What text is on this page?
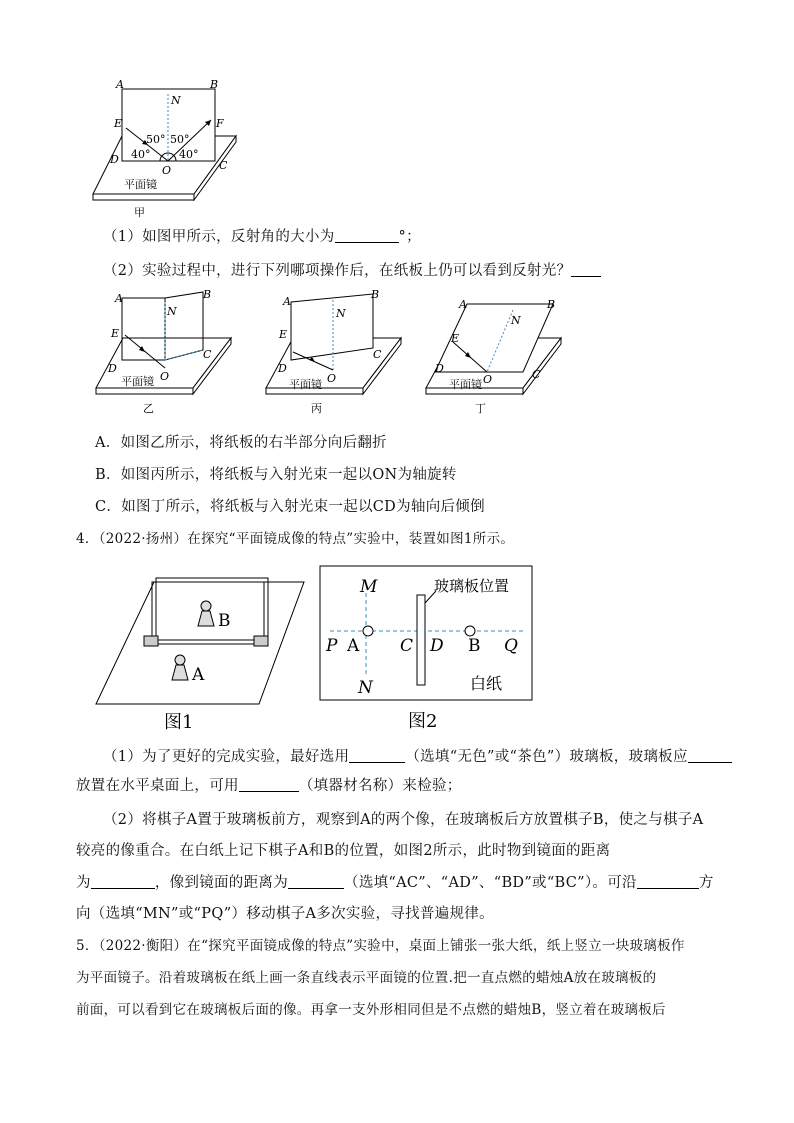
A	B
N
E	F
D	C
O
50° 50°
40°	40°
平面镜
甲
（1）如图甲所示，反射角的大小为	°；
（2）实验过程中，进行下列哪项操作后，在纸板上仍可以看到反射光？
A	B
N
E
D
C
O
平面镜
乙
A
B
N
E
D
C
O
平面镜
丙
A	B
N
E
D	C
O
平面镜
丁
A．如图乙所示，将纸板的右半部分向后翻折
B．如图丙所示，将纸板与入射光束一起以ON为轴旋转
C．如图丁所示，将纸板与入射光束一起以CD为轴向后倾倒
4．（2022·扬州）在探究“平面镜成像的特点”实验中，装置如图1所示。
B
A
图1
M
N
P A C D B Q
玻璃板位置
白纸
图2
（1）为了更好的完成实验，最好选用	（选填“无色”或“茶色”）玻璃板，玻璃板应
放置在水平桌面上，可用	（填器材名称）来检验；
（2）将棋子A置于玻璃板前方，观察到A的两个像，在玻璃板后方放置棋子B，使之与棋子A
较亮的像重合。在白纸上记下棋子A和B的位置，如图2所示，此时物到镜面的距离
为	，像到镜面的距离为	（选填“AC”、“AD”、“BD”或“BC”）。可沿	方
向（选填“MN”或“PQ”）移动棋子A多次实验，寻找普遍规律。
5．（2022·衡阳）在“探究平面镜成像的特点”实验中，桌面上铺张一张大纸，纸上竖立一块玻璃板作
为平面镜子。沿着玻璃板在纸上画一条直线表示平面镜的位置.把一直点燃的蜡烛A放在玻璃板的
前面，可以看到它在玻璃板后面的像。再拿一支外形相同但是不点燃的蜡烛B，竖立着在玻璃板后
